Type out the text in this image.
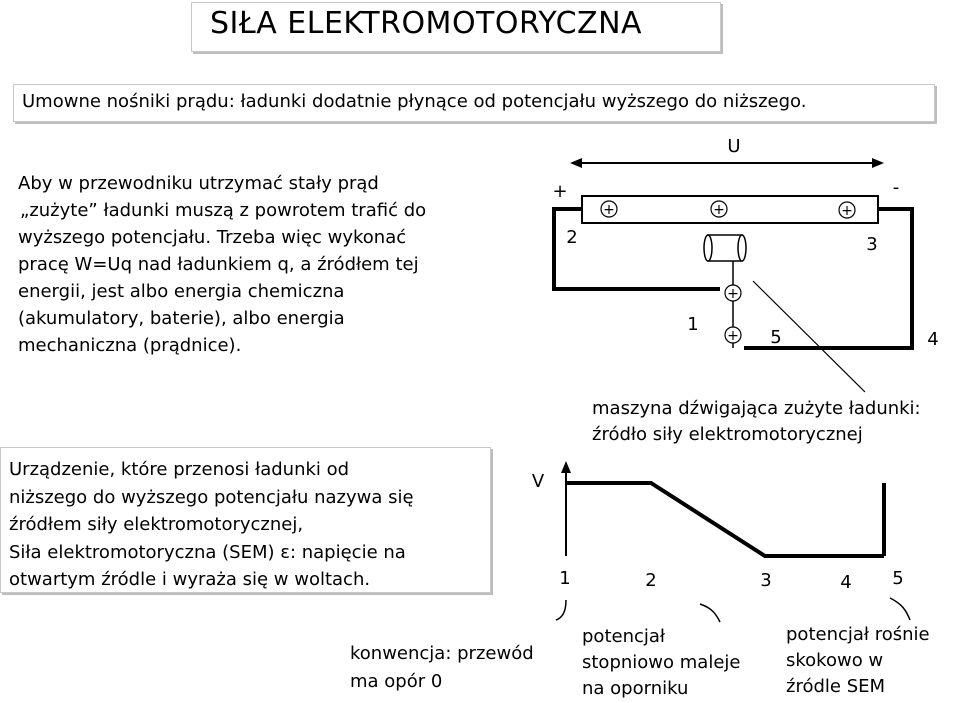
SIŁA ELEKTROMOTORYCZNA
Umowne nośniki prądu: ładunki dodatnie płynące od potencjału wyższego do niższego.
Aby w przewodniku utrzymać stały prąd
„zużyte” ładunki muszą z powrotem trafić do
wyższego potencjału. Trzeba więc wykonać
pracę W=Uq nad ładunkiem q, a źródłem tej
energii, jest albo energia chemiczna
(akumulatory, baterie), albo energia
mechaniczna (prądnice).
Urządzenie, które przenosi ładunki od
niższego do wyższego potencjału nazywa się
źródłem siły elektromotorycznej,
Siła elektromotoryczna (SEM) ε: napięcie na
otwartym źródle i wyraża się w woltach.
U
+	-
+	+	+
2	3
1
5	4
+
+
V
1	2	3	4 5
maszyna dźwigająca zużyte ładunki:
źródło siły elektromotorycznej
konwencja: przewód
ma opór 0
potencjał
stopniowo maleje
na oporniku
potencjał rośnie
skokowo w
źródle SEM
